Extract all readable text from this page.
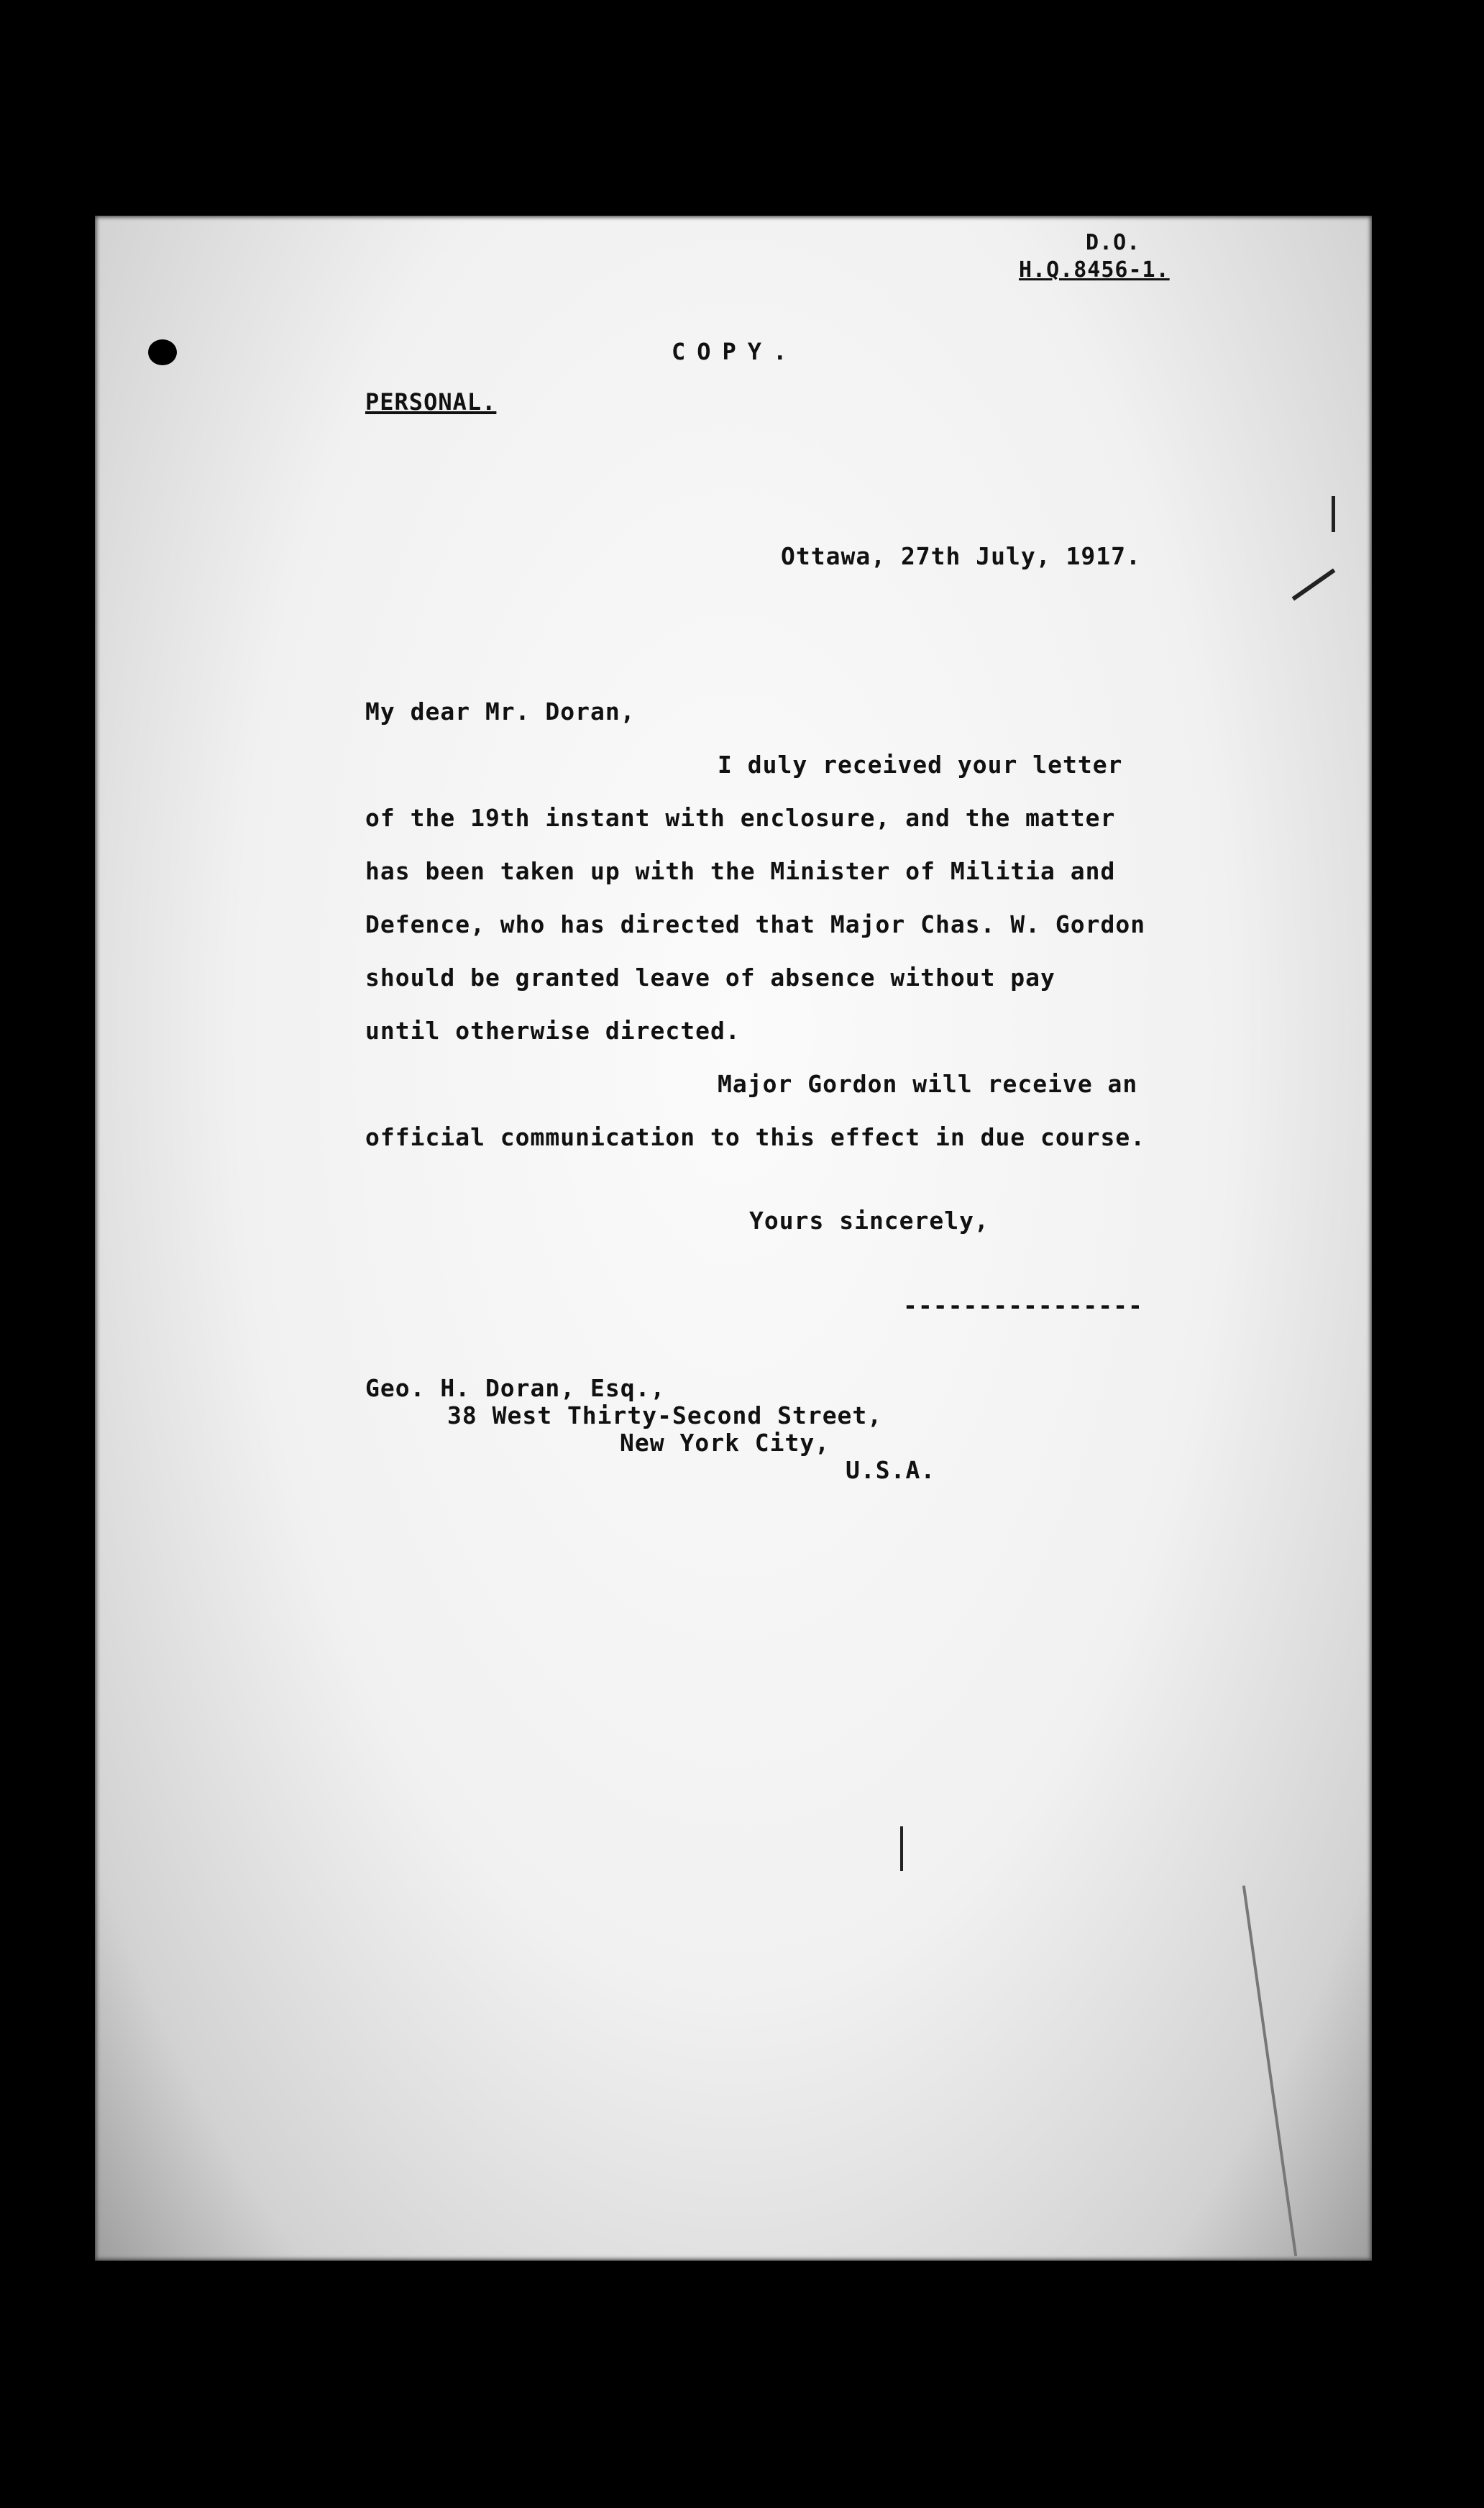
D.O.
H.Q.8456-1.
COPY.
PERSONAL.
Ottawa, 27th July, 1917.
My dear Mr. Doran,
I duly received your letter
of the 19th instant with enclosure, and the matter
has been taken up with the Minister of Militia and
Defence, who has directed that Major Chas. W. Gordon
should be granted leave of absence without pay
until otherwise directed.
Major Gordon will receive an
official communication to this effect in due course.
Yours sincerely,
----------------
Geo. H. Doran, Esq.,
38 West Thirty-Second Street,
New York City,
U.S.A.
